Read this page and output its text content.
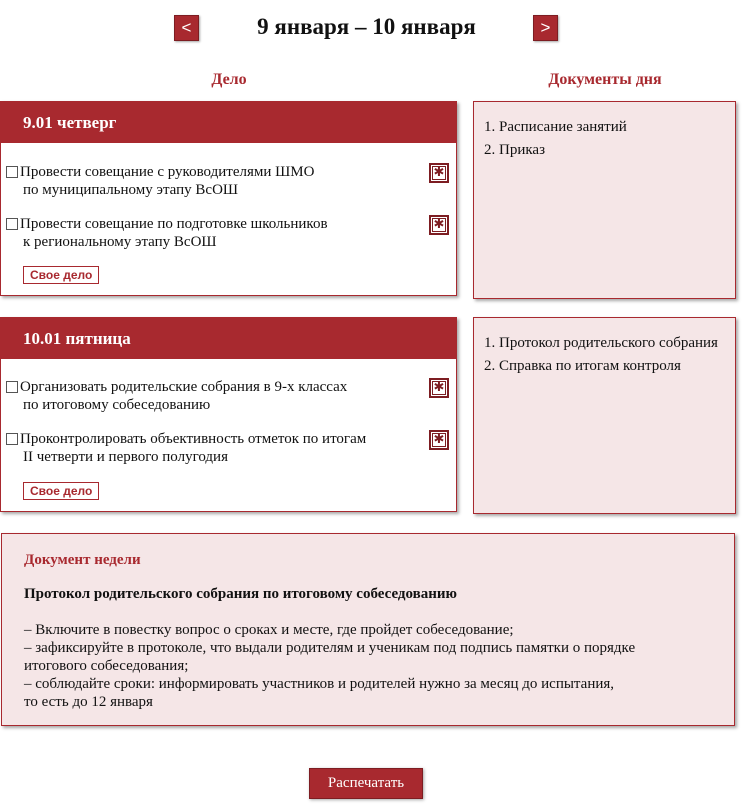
<	9 января – 10 января	>
Дело	Документы дня
9.01 четверг
Провести совещание с руководителями ШМО
по муниципальному этапу ВсОШ
✱
Провести совещание по подготовке школьников
к региональному этапу ВсОШ
✱
Свое дело
1. Расписание занятий
2. Приказ
10.01 пятница
Организовать родительские собрания в 9-х классах
по итоговому собеседованию
✱
Проконтролировать объективность отметок по итогам
II четверти и первого полугодия
✱
Свое дело
1. Протокол родительского собрания
2. Справка по итогам контроля
Документ недели
Протокол родительского собрания по итоговому собеседованию
– Включите в повестку вопрос о сроках и месте, где пройдет собеседование;
– зафиксируйте в протоколе, что выдали родителям и ученикам под подпись памятки о порядке
итогового собеседования;
– соблюдайте сроки: информировать участников и родителей нужно за месяц до испытания,
то есть до 12 января
Распечатать
